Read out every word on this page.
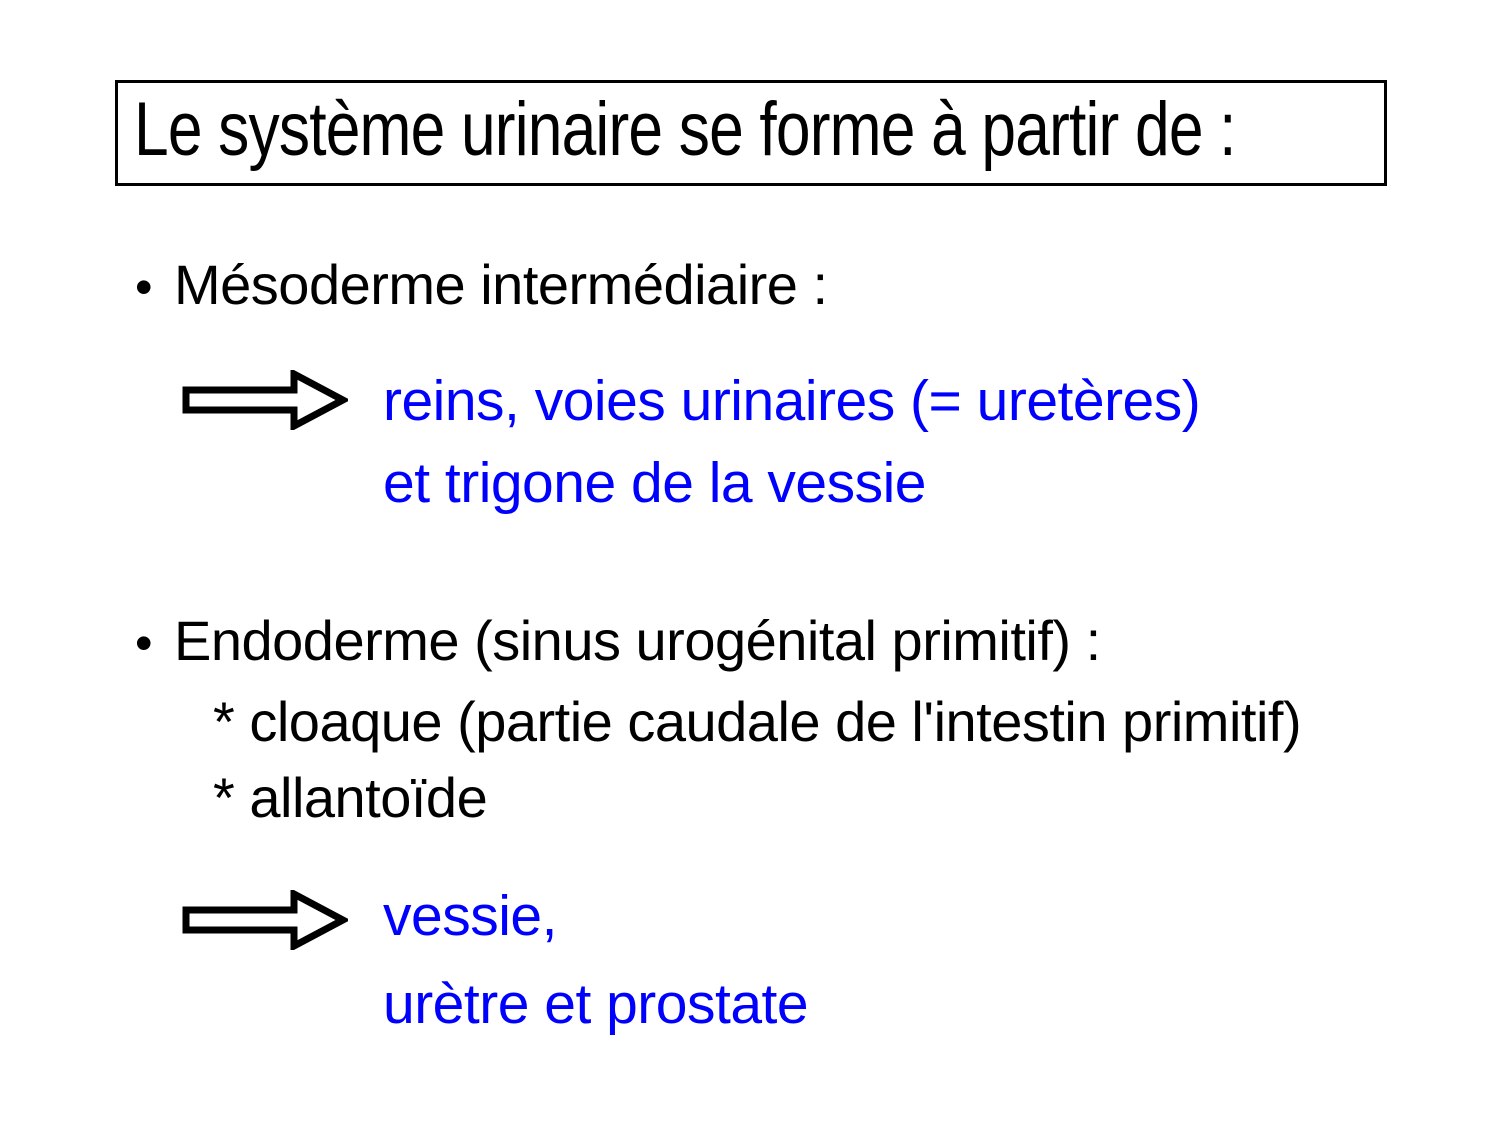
Le système urinaire se forme à partir de :
• Mésoderme intermédiaire :
reins, voies urinaires (= uretères)
et trigone de la vessie
• Endoderme (sinus urogénital primitif) :
* cloaque (partie caudale de l'intestin primitif)
* allantoïde
vessie,
urètre et prostate
